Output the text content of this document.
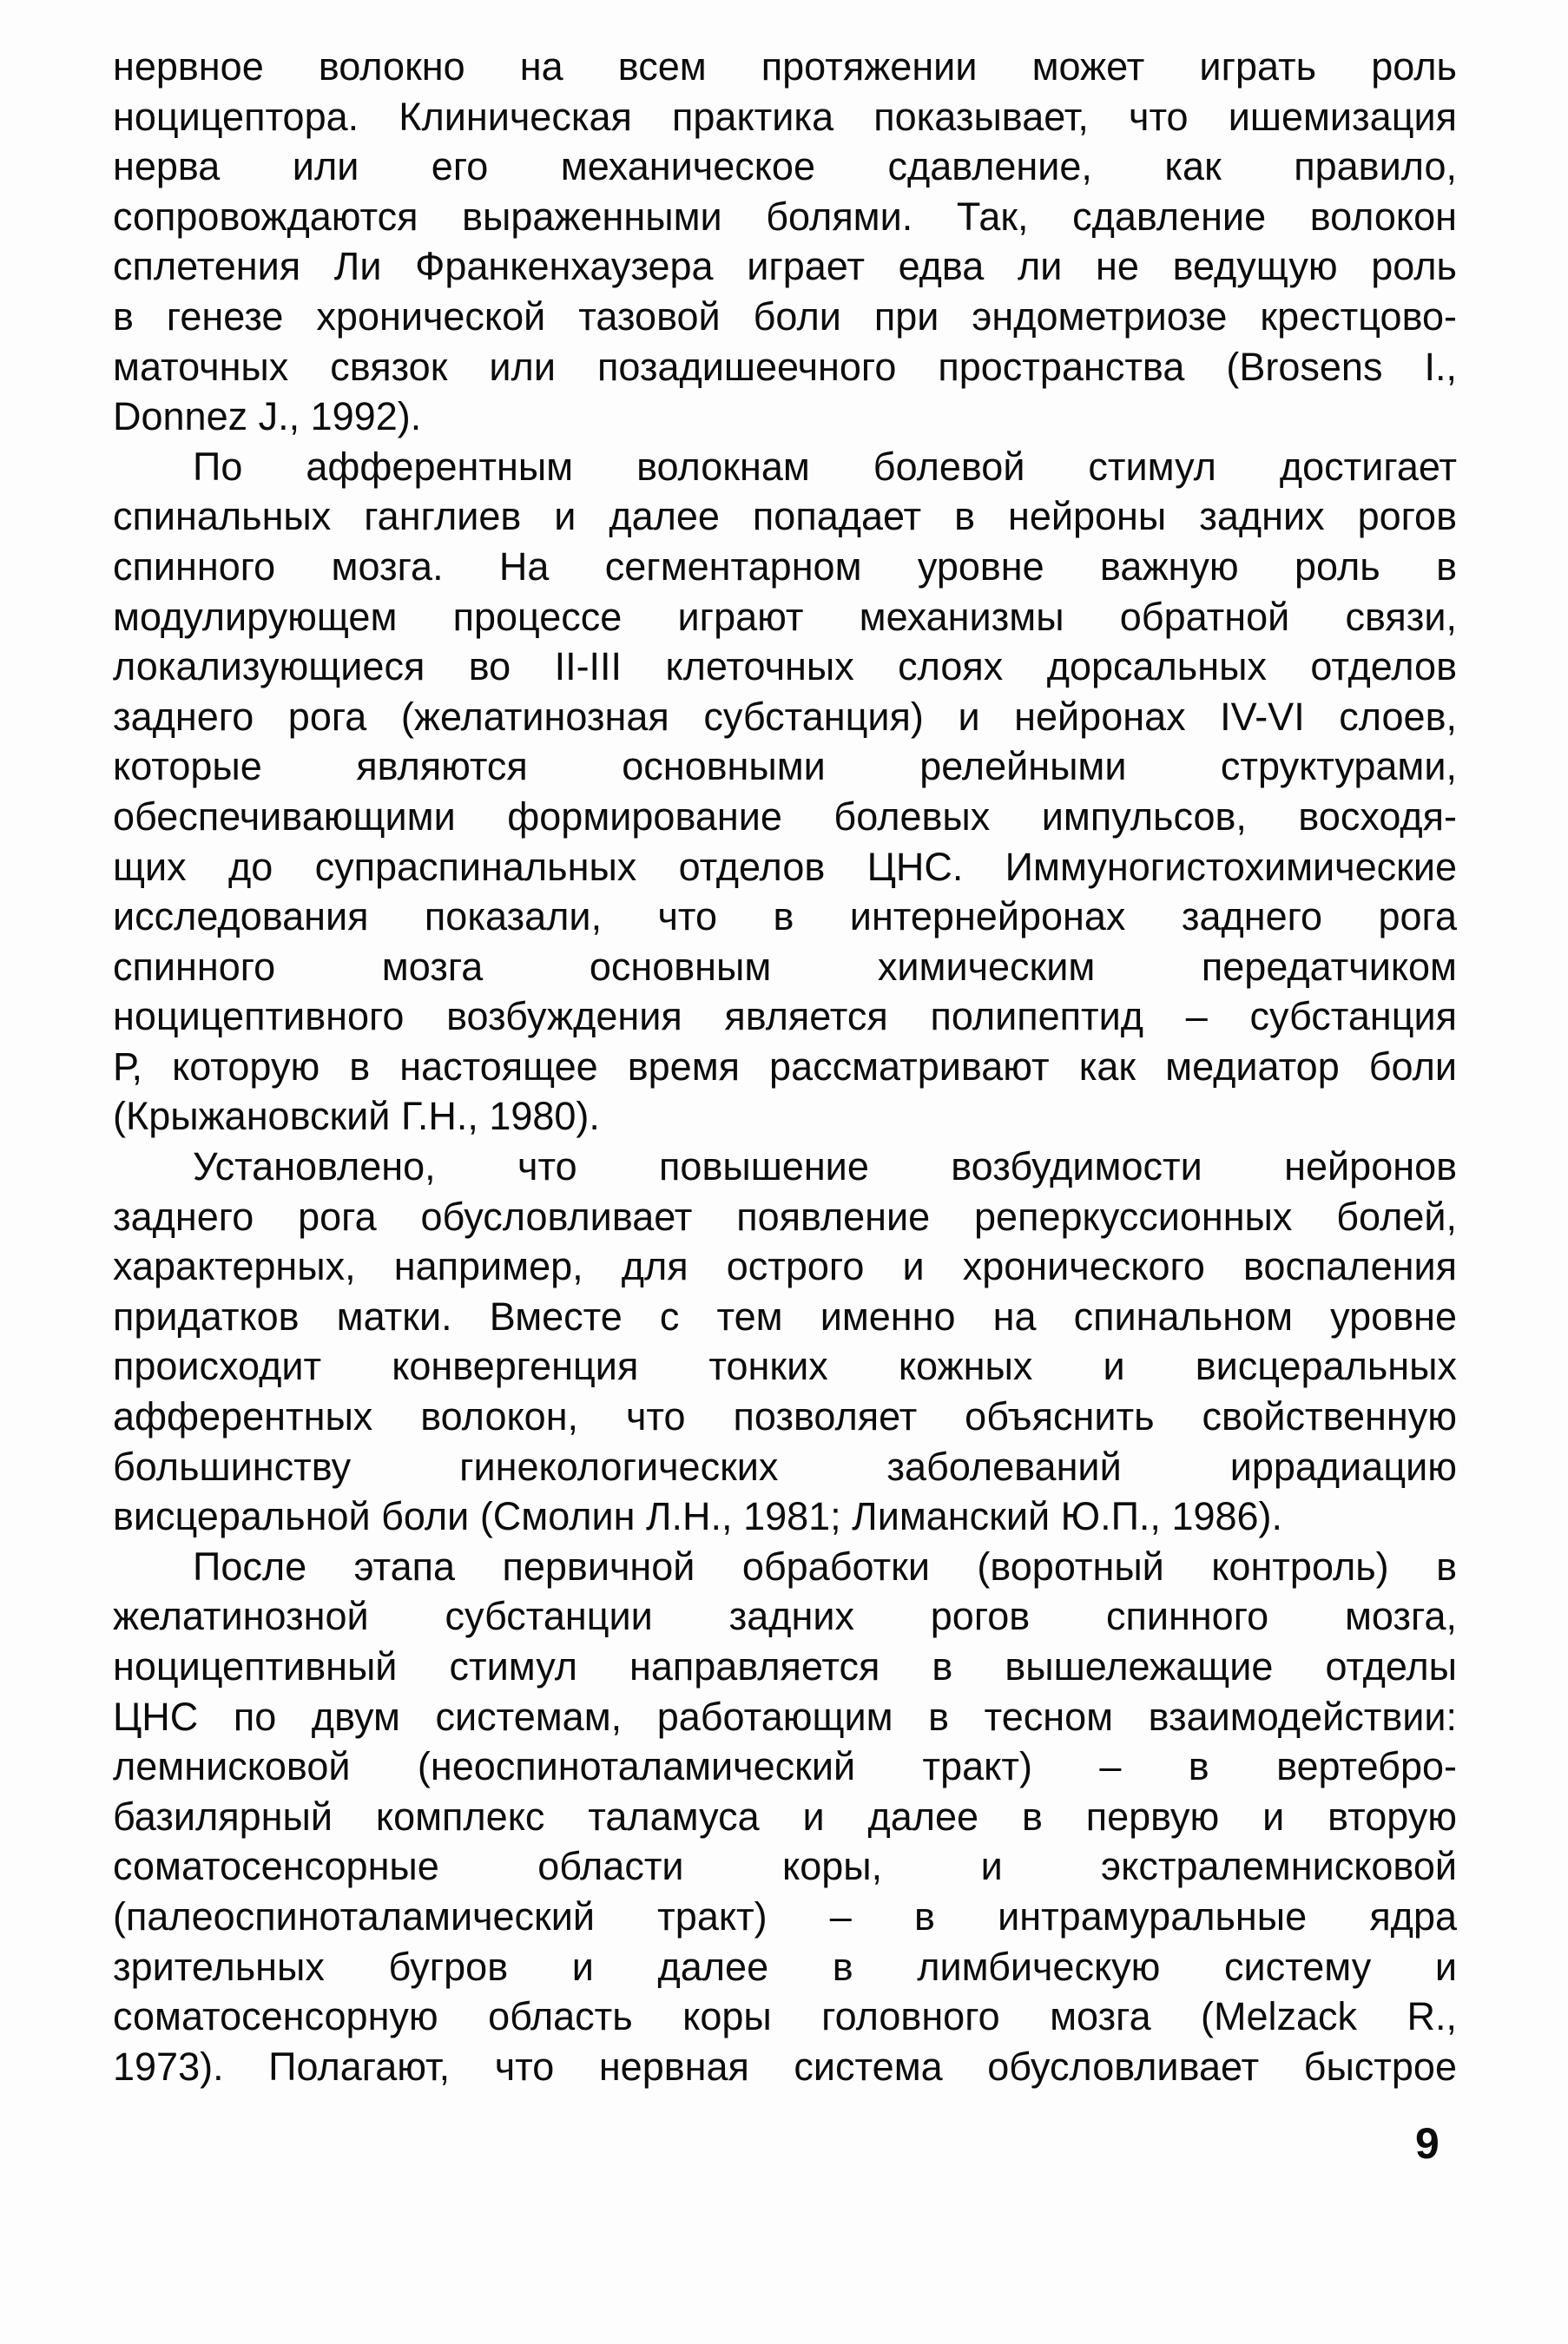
нервное волокно на всем протяжении может играть роль
ноцицептора. Клиническая практика показывает, что ишемизация
нерва или его механическое сдавление, как правило,
сопровождаются выраженными болями. Так, сдавление волокон
сплетения Ли Франкенхаузера играет едва ли не ведущую роль
в генезе хронической тазовой боли при эндометриозе крестцово-
маточных связок или позадишеечного пространства (Brosens I.,
Donnez J., 1992).
По афферентным волокнам болевой стимул достигает
спинальных ганглиев и далее попадает в нейроны задних рогов
спинного мозга. На сегментарном уровне важную роль в
модулирующем процессе играют механизмы обратной связи,
локализующиеся во II-III клеточных слоях дорсальных отделов
заднего рога (желатинозная субстанция) и нейронах IV-VI слоев,
которые являются основными релейными структурами,
обеспечивающими формирование болевых импульсов, восходя-
щих до супраспинальных отделов ЦНС. Иммуногистохимические
исследования показали, что в интернейронах заднего рога
спинного мозга основным химическим передатчиком
ноцицептивного возбуждения является полипептид – субстанция
Р, которую в настоящее время рассматривают как медиатор боли
(Крыжановский Г.Н., 1980).
Установлено, что повышение возбудимости нейронов
заднего рога обусловливает появление реперкуссионных болей,
характерных, например, для острого и хронического воспаления
придатков матки. Вместе с тем именно на спинальном уровне
происходит конвергенция тонких кожных и висцеральных
афферентных волокон, что позволяет объяснить свойственную
большинству гинекологических заболеваний иррадиацию
висцеральной боли (Смолин Л.Н., 1981; Лиманский Ю.П., 1986).
После этапа первичной обработки (воротный контроль) в
желатинозной субстанции задних рогов спинного мозга,
ноцицептивный стимул направляется в вышележащие отделы
ЦНС по двум системам, работающим в тесном взаимодействии:
лемнисковой (неоспиноталамический тракт) – в вертебро-
базилярный комплекс таламуса и далее в первую и вторую
соматосенсорные области коры, и экстралемнисковой
(палеоспиноталамический тракт) – в интрамуральные ядра
зрительных бугров и далее в лимбическую систему и
соматосенсорную область коры головного мозга (Melzack R.,
1973). Полагают, что нервная система обусловливает быстрое
9
